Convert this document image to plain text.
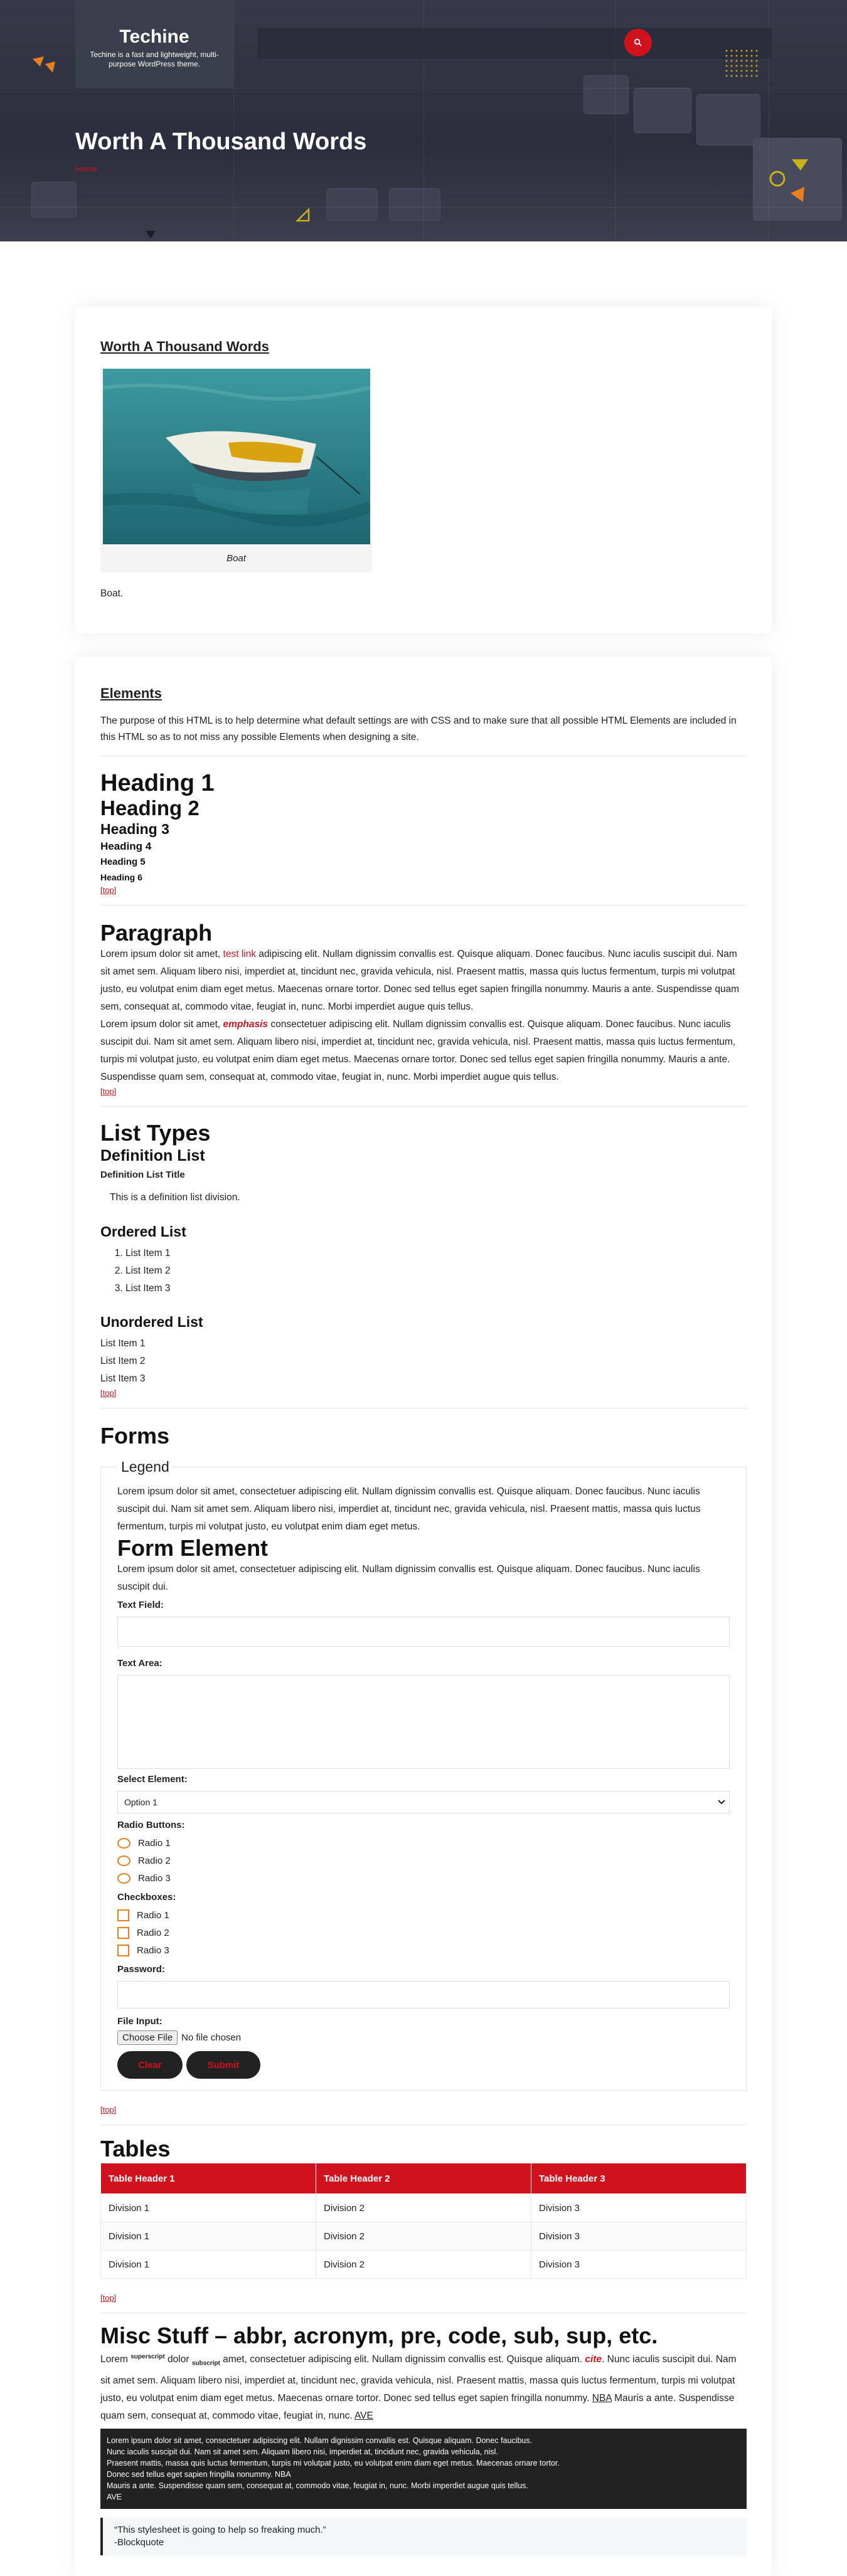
Techine
Techine is a fast and lightweight, multi-purpose WordPress theme.
Worth A Thousand Words
Home
Worth A Thousand Words
Boat

Boat.

Elements

The purpose of this HTML is to help determine what default settings are with CSS and to make sure that all possible HTML Elements are included in this HTML so as to not miss any possible Elements when designing a site.

Heading 1
Heading 2
Heading 3
Heading 4
Heading 5
Heading 6
[top]
Paragraph

Lorem ipsum dolor sit amet, test link adipiscing elit. Nullam dignissim convallis est. Quisque aliquam. Donec faucibus. Nunc iaculis suscipit dui. Nam sit amet sem. Aliquam libero nisi, imperdiet at, tincidunt nec, gravida vehicula, nisl. Praesent mattis, massa quis luctus fermentum, turpis mi volutpat justo, eu volutpat enim diam eget metus. Maecenas ornare tortor. Donec sed tellus eget sapien fringilla nonummy. Mauris a ante. Suspendisse quam sem, consequat at, commodo vitae, feugiat in, nunc. Morbi imperdiet augue quis tellus.

Lorem ipsum dolor sit amet, emphasis consectetuer adipiscing elit. Nullam dignissim convallis est. Quisque aliquam. Donec faucibus. Nunc iaculis suscipit dui. Nam sit amet sem. Aliquam libero nisi, imperdiet at, tincidunt nec, gravida vehicula, nisl. Praesent mattis, massa quis luctus fermentum, turpis mi volutpat justo, eu volutpat enim diam eget metus. Maecenas ornare tortor. Donec sed tellus eget sapien fringilla nonummy. Mauris a ante. Suspendisse quam sem, consequat at, commodo vitae, feugiat in, nunc. Morbi imperdiet augue quis tellus.

[top]
List Types
Definition List
Definition List Title
This is a definition list division.
Ordered List
1. List Item 1
2. List Item 2
3. List Item 3
Unordered List
List Item 1
List Item 2
List Item 3
[top]
Forms
Legend

Lorem ipsum dolor sit amet, consectetuer adipiscing elit. Nullam dignissim convallis est. Quisque aliquam. Donec faucibus. Nunc iaculis suscipit dui. Nam sit amet sem. Aliquam libero nisi, imperdiet at, tincidunt nec, gravida vehicula, nisl. Praesent mattis, massa quis luctus fermentum, turpis mi volutpat justo, eu volutpat enim diam eget metus.

Form Element

Lorem ipsum dolor sit amet, consectetuer adipiscing elit. Nullam dignissim convallis est. Quisque aliquam. Donec faucibus. Nunc iaculis suscipit dui.

Text Field:
Text Area:
Select Element:
Option 1
Radio Buttons:
Radio 1
Radio 2
Radio 3
Checkboxes:
Radio 1
Radio 2
Radio 3
Password:
File Input:
Choose File No file chosen
Clear	Submit
[top]
Tables
Table Header 1	Table Header 2	Table Header 3
Division 1	Division 2	Division 3
Division 1	Division 2	Division 3
Division 1	Division 2	Division 3
[top]
Misc Stuff – abbr, acronym, pre, code, sub, sup, etc.

Lorem $^{superscript}$ dolor $_{subscript}$ amet, consectetuer adipiscing elit. Nullam dignissim convallis est. Quisque aliquam. cite. Nunc iaculis suscipit dui. Nam sit amet sem. Aliquam libero nisi, imperdiet at, tincidunt nec, gravida vehicula, nisl. Praesent mattis, massa quis luctus fermentum, turpis mi volutpat justo, eu volutpat enim diam eget metus. Maecenas ornare tortor. Donec sed tellus eget sapien fringilla nonummy. NBA Mauris a ante. Suspendisse quam sem, consequat at, commodo vitae, feugiat in, nunc. AVE

Lorem ipsum dolor sit amet, consectetuer adipiscing elit. Nullam dignissim convallis est. Quisque aliquam. Donec faucibus.
Nunc iaculis suscipit dui. Nam sit amet sem. Aliquam libero nisi, imperdiet at, tincidunt nec, gravida vehicula, nisl.
Praesent mattis, massa quis luctus fermentum, turpis mi volutpat justo, eu volutpat enim diam eget metus. Maecenas ornare tortor.
Donec sed tellus eget sapien fringilla nonummy. NBA
Mauris a ante. Suspendisse quam sem, consequat at, commodo vitae, feugiat in, nunc. Morbi imperdiet augue quis tellus.
AVE
“This stylesheet is going to help so freaking much.”
-Blockquote
